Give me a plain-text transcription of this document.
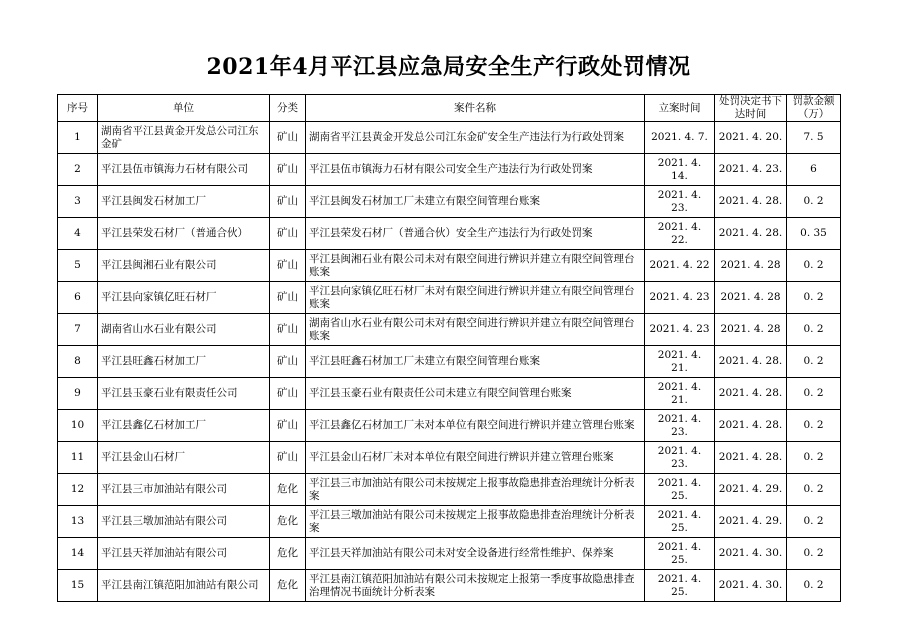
2021年4月平江县应急局安全生产行政处罚情况
序号	单位	分类	案件名称	立案时间	处罚决定书下达时间	罚款金额（万）
1	湖南省平江县黄金开发总公司江东金矿	矿山	湖南省平江县黄金开发总公司江东金矿安全生产违法行为行政处罚案	2021. 4. 7.	2021. 4. 20.	7. 5
2	平江县伍市镇海力石材有限公司	矿山	平江县伍市镇海力石材有限公司安全生产违法行为行政处罚案	2021. 4. 14.	2021. 4. 23.	6
3	平江县闽发石材加工厂	矿山	平江县闽发石材加工厂未建立有限空间管理台账案	2021. 4. 23.	2021. 4. 28.	0. 2
4	平江县荣发石材厂（普通合伙）	矿山	平江县荣发石材厂（普通合伙）安全生产违法行为行政处罚案	2021. 4. 22.	2021. 4. 28.	0. 35
5	平江县闽湘石业有限公司	矿山	平江县闽湘石业有限公司未对有限空间进行辨识并建立有限空间管理台账案	2021. 4. 22	2021. 4. 28	0. 2
6	平江县向家镇亿旺石材厂	矿山	平江县向家镇亿旺石材厂未对有限空间进行辨识并建立有限空间管理台账案	2021. 4. 23	2021. 4. 28	0. 2
7	湖南省山水石业有限公司	矿山	湖南省山水石业有限公司未对有限空间进行辨识并建立有限空间管理台账案	2021. 4. 23	2021. 4. 28	0. 2
8	平江县旺鑫石材加工厂	矿山	平江县旺鑫石材加工厂未建立有限空间管理台账案	2021. 4. 21.	2021. 4. 28.	0. 2
9	平江县玉豪石业有限责任公司	矿山	平江县玉豪石业有限责任公司未建立有限空间管理台账案	2021. 4. 21.	2021. 4. 28.	0. 2
10	平江县鑫亿石材加工厂	矿山	平江县鑫亿石材加工厂未对本单位有限空间进行辨识并建立管理台账案	2021. 4. 23.	2021. 4. 28.	0. 2
11	平江县金山石材厂	矿山	平江县金山石材厂未对本单位有限空间进行辨识并建立管理台账案	2021. 4. 23.	2021. 4. 28.	0. 2
12	平江县三市加油站有限公司	危化	平江县三市加油站有限公司未按规定上报事故隐患排查治理统计分析表案	2021. 4. 25.	2021. 4. 29.	0. 2
13	平江县三墩加油站有限公司	危化	平江县三墩加油站有限公司未按规定上报事故隐患排查治理统计分析表案	2021. 4. 25.	2021. 4. 29.	0. 2
14	平江县天祥加油站有限公司	危化	平江县天祥加油站有限公司未对安全设备进行经常性维护、保养案	2021. 4. 25.	2021. 4. 30.	0. 2
15	平江县南江镇范阳加油站有限公司	危化	平江县南江镇范阳加油站有限公司未按规定上报第一季度事故隐患排查治理情况书面统计分析表案	2021. 4. 25.	2021. 4. 30.	0. 2
